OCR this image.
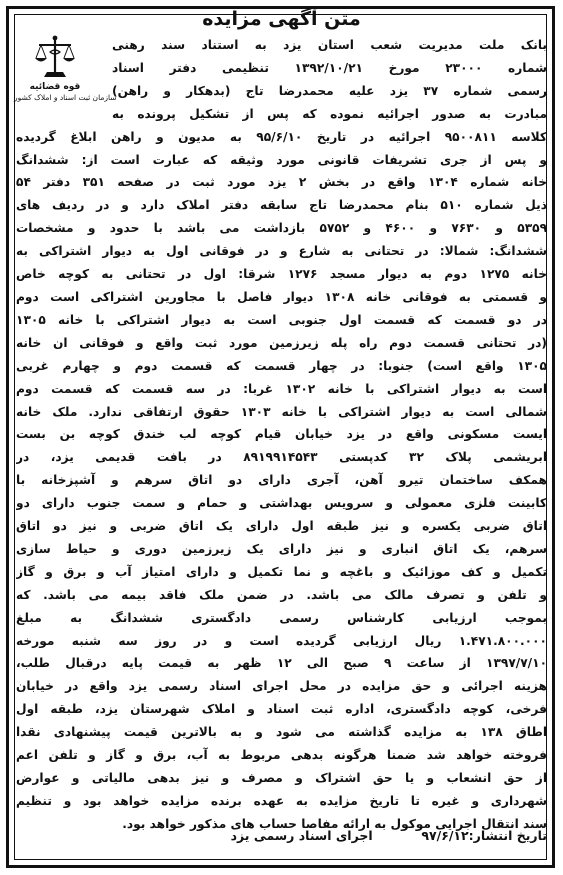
متن آگهی مزایده
قوه قضائیه
سازمان ثبت اسناد و املاک کشور
بانک ملت مدیریت شعب استان یزد به استناد سند رهنی
شماره ۲۳۰۰۰ مورخ ۱۳۹۲/۱۰/۲۱ تنظیمی دفتر اسناد
رسمی شماره ۳۷ یزد علیه محمدرضا تاج (بدهکار و راهن)
مبادرت به صدور اجرائیه نموده که پس از تشکیل پرونده به
کلاسه ۹۵۰۰۸۱۱ اجرائیه در تاریخ ۹۵/۶/۱۰ به مدیون و راهن ابلاغ گردیده
و پس از جری تشریفات قانونی مورد وثیقه که عبارت است از: ششدانگ
خانه شماره ۱۳۰۴ واقع در بخش ۲ یزد مورد ثبت در صفحه ۳۵۱ دفتر ۵۴
ذیل شماره ۵۱۰ بنام محمدرضا تاج سابقه دفتر املاک دارد و در ردیف های
۵۳۵۹ و ۷۶۳۰ و ۴۶۰۰ و ۵۷۵۲ بازداشت می باشد با حدود و مشخصات
ششدانگ: شمالا: در تحتانی به شارع و در فوقانی اول به دیوار اشتراکی به
خانه ۱۲۷۵ دوم به دیوار مسجد ۱۲۷۶ شرقا: اول در تحتانی به کوچه خاص
و قسمتی به فوقانی خانه ۱۳۰۸ دیوار فاصل با مجاورین اشتراکی است دوم
در دو قسمت که قسمت اول جنوبی است به دیوار اشتراکی با خانه ۱۳۰۵
(در تحتانی قسمت دوم راه پله زیرزمین مورد ثبت واقع و فوقانی ان خانه
۱۳۰۵ واقع است) جنوبا: در چهار قسمت که قسمت دوم و چهارم غربی
است به دیوار اشتراکی با خانه ۱۳۰۲ غربا: در سه قسمت که قسمت دوم
شمالی است به دیوار اشتراکی با خانه ۱۳۰۳ حقوق ارتفاقی ندارد. ملک خانه
ایست مسکونی واقع در یزد خیابان قیام کوچه لب خندق کوچه بن بست
ابریشمی پلاک ۳۲ کدپستی ۸۹۱۹۹۱۴۵۴۳ در بافت قدیمی یزد، در
همکف ساختمان تیرو آهن، آجری دارای دو اتاق سرهم و آشپزخانه با
کابینت فلزی معمولی و سرویس بهداشتی و حمام و سمت جنوب دارای دو
اتاق ضربی یکسره و نیز طبقه اول دارای یک اتاق ضربی و نیز دو اتاق
سرهم، یک اتاق انباری و نیز دارای یک زیرزمین دوری و حیاط سازی
تکمیل و کف موزائیک و باغچه و نما تکمیل و دارای امتیاز آب و برق و گاز
و تلفن و تصرف مالک می باشد. در ضمن ملک فاقد بیمه می باشد. که
بموجب ارزیابی کارشناس رسمی دادگستری ششدانگ به مبلغ
۱.۴۷۱.۸۰۰.۰۰۰ ریال ارزیابی گردیده است و در روز سه شنبه مورخه
۱۳۹۷/۷/۱۰ از ساعت ۹ صبح الی ۱۲ ظهر به قیمت پایه درقبال طلب،
هزینه اجرائی و حق مزایده در محل اجرای اسناد رسمی یزد واقع در خیابان
فرخی، کوچه دادگستری، اداره ثبت اسناد و املاک شهرستان یزد، طبقه اول
اطاق ۱۳۸ به مزایده گذاشته می شود و به بالاترین قیمت پیشنهادی نقدا
فروخته خواهد شد ضمنا هرگونه بدهی مربوط به آب، برق و گاز و تلفن اعم
از حق انشعاب و یا حق اشتراک و مصرف و نیز بدهی مالیاتی و عوارض
شهرداری و غیره تا تاریخ مزایده به عهده برنده مزایده خواهد بود و تنظیم
سند انتقال اجرایی موکول به ارائه مفاصا حساب های مذکور خواهد بود.
تاریخ انتشار:۹۷/۶/۱۲  اجرای اسناد رسمی یزد
